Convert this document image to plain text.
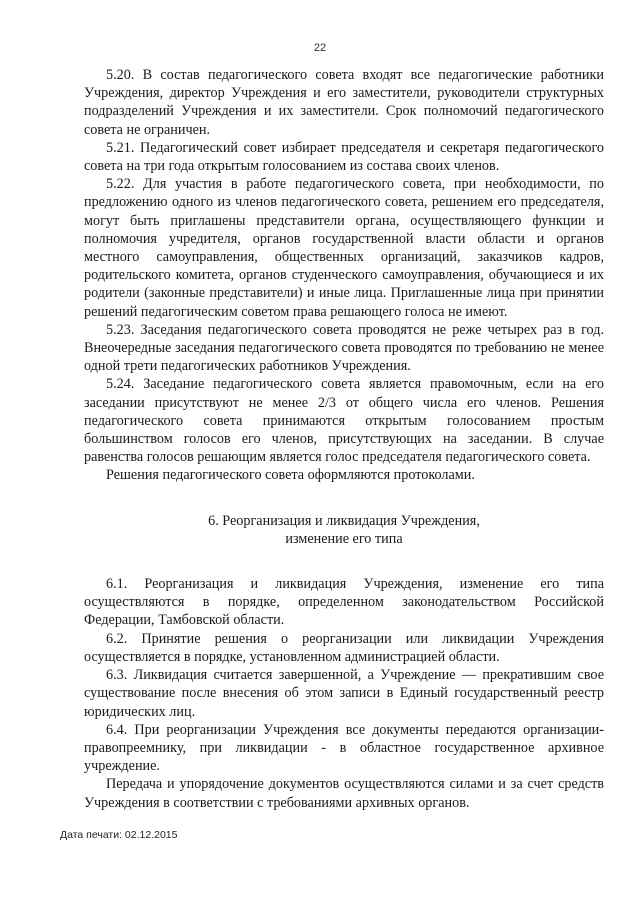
22

5.20. В состав педагогического совета входят все педагогические работники Учреждения, директор Учреждения и его заместители, руководители структурных подразделений Учреждения и их заместители. Срок полномочий педагогического совета не ограничен.

5.21. Педагогический совет избирает председателя и секретаря педагогического совета на три года открытым голосованием из состава своих членов.

5.22. Для участия в работе педагогического совета, при необходимости, по предложению одного из членов педагогического совета, решением его председателя, могут быть приглашены представители органа, осуществляющего функции и полномочия учредителя, органов государственной власти области и органов местного самоуправления, общественных организаций, заказчиков кадров, родительского комитета, органов студенческого самоуправления, обучающиеся и их родители (законные представители) и иные лица. Приглашенные лица при принятии решений педагогическим советом права решающего голоса не имеют.

5.23. Заседания педагогического совета проводятся не реже четырех раз в год. Внеочередные заседания педагогического совета проводятся по требованию не менее одной трети педагогических работников Учреждения.

5.24. Заседание педагогического совета является правомочным, если на его заседании присутствуют не менее 2/3 от общего числа его членов. Решения педагогического совета принимаются открытым голосованием простым большинством голосов его членов, присутствующих на заседании. В случае равенства голосов решающим является голос председателя педагогического совета.

Решения педагогического совета оформляются протоколами.

6. Реорганизация и ликвидация Учреждения,
изменение его типа

6.1. Реорганизация и ликвидация Учреждения, изменение его типа осуществляются в порядке, определенном законодательством Российской Федерации, Тамбовской области.

6.2. Принятие решения о реорганизации или ликвидации Учреждения осуществляется в порядке, установленном администрацией области.

6.3. Ликвидация считается завершенной, а Учреждение — прекратившим свое существование после внесения об этом записи в Единый государственный реестр юридических лиц.

6.4. При реорганизации Учреждения все документы передаются организации-правопреемнику, при ликвидации - в областное государственное архивное учреждение.

Передача и упорядочение документов осуществляются силами и за счет средств Учреждения в соответствии с требованиями архивных органов.

Дата печати: 02.12.2015
